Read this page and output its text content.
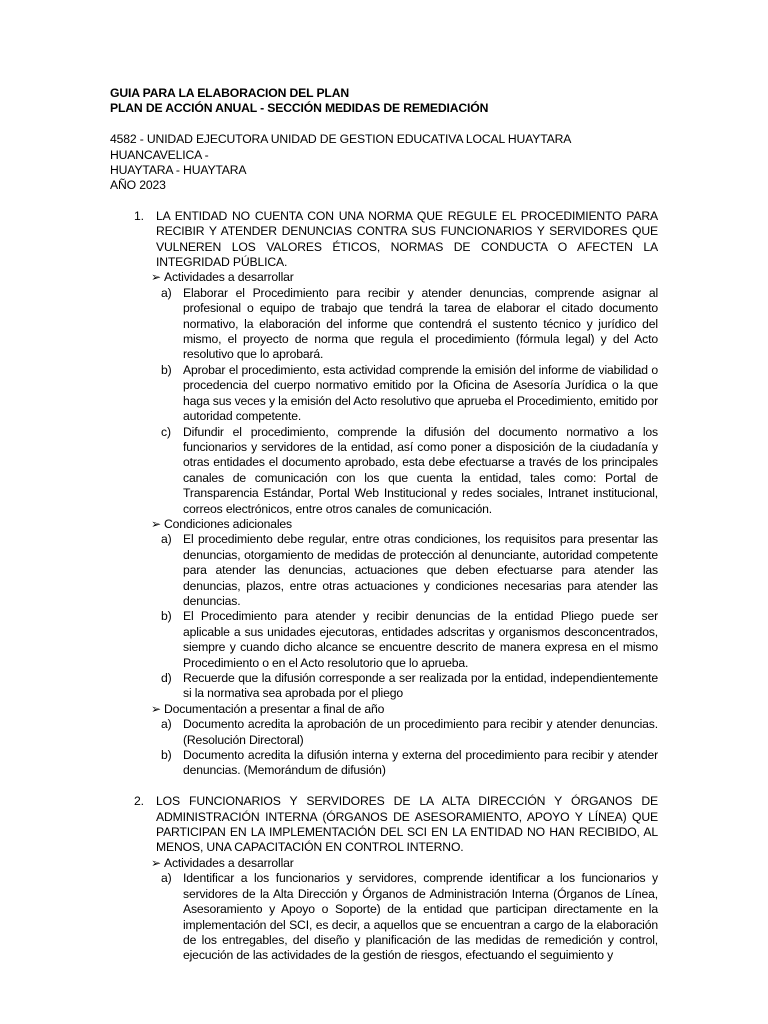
GUIA PARA LA ELABORACION DEL PLAN
PLAN DE ACCIÓN ANUAL - SECCIÓN MEDIDAS DE REMEDIACIÓN
4582 - UNIDAD EJECUTORA UNIDAD DE GESTION EDUCATIVA LOCAL HUAYTARA HUANCAVELICA -
HUAYTARA - HUAYTARA
AÑO 2023
1. LA ENTIDAD NO CUENTA CON UNA NORMA QUE REGULE EL PROCEDIMIENTO PARA RECIBIR Y ATENDER DENUNCIAS CONTRA SUS FUNCIONARIOS Y SERVIDORES QUE VULNEREN LOS VALORES ÉTICOS, NORMAS DE CONDUCTA O AFECTEN LA INTEGRIDAD PÚBLICA.
➢ Actividades a desarrollar
a) Elaborar el Procedimiento para recibir y atender denuncias, comprende asignar al profesional o equipo de trabajo que tendrá la tarea de elaborar el citado documento normativo, la elaboración del informe que contendrá el sustento técnico y jurídico del mismo, el proyecto de norma que regula el procedimiento (fórmula legal) y del Acto resolutivo que lo aprobará.
b) Aprobar el procedimiento, esta actividad comprende la emisión del informe de viabilidad o procedencia del cuerpo normativo emitido por la Oficina de Asesoría Jurídica o la que haga sus veces y la emisión del Acto resolutivo que aprueba el Procedimiento, emitido por autoridad competente.
c) Difundir el procedimiento, comprende la difusión del documento normativo a los funcionarios y servidores de la entidad, así como poner a disposición de la ciudadanía y otras entidades el documento aprobado, esta debe efectuarse a través de los principales canales de comunicación con los que cuenta la entidad, tales como: Portal de Transparencia Estándar, Portal Web Institucional y redes sociales, Intranet institucional, correos electrónicos, entre otros canales de comunicación.
➢ Condiciones adicionales
a) El procedimiento debe regular, entre otras condiciones, los requisitos para presentar las denuncias, otorgamiento de medidas de protección al denunciante, autoridad competente para atender las denuncias, actuaciones que deben efectuarse para atender las denuncias, plazos, entre otras actuaciones y condiciones necesarias para atender las denuncias.
b) El Procedimiento para atender y recibir denuncias de la entidad Pliego puede ser aplicable a sus unidades ejecutoras, entidades adscritas y organismos desconcentrados, siempre y cuando dicho alcance se encuentre descrito de manera expresa en el mismo Procedimiento o en el Acto resolutorio que lo aprueba.
d) Recuerde que la difusión corresponde a ser realizada por la entidad, independientemente si la normativa sea aprobada por el pliego
➢ Documentación a presentar a final de año
a) Documento acredita la aprobación de un procedimiento para recibir y atender denuncias. (Resolución Directoral)
b) Documento acredita la difusión interna y externa del procedimiento para recibir y atender denuncias. (Memorándum de difusión)
2. LOS FUNCIONARIOS Y SERVIDORES DE LA ALTA DIRECCIÓN Y ÓRGANOS DE ADMINISTRACIÓN INTERNA (ÓRGANOS DE ASESORAMIENTO, APOYO Y LÍNEA) QUE PARTICIPAN EN LA IMPLEMENTACIÓN DEL SCI EN LA ENTIDAD NO HAN RECIBIDO, AL MENOS, UNA CAPACITACIÓN EN CONTROL INTERNO.
➢ Actividades a desarrollar
a) Identificar a los funcionarios y servidores, comprende identificar a los funcionarios y servidores de la Alta Dirección y Órganos de Administración Interna (Órganos de Línea, Asesoramiento y Apoyo o Soporte) de la entidad que participan directamente en la implementación del SCI, es decir, a aquellos que se encuentran a cargo de la elaboración de los entregables, del diseño y planificación de las medidas de remedición y control, ejecución de las actividades de la gestión de riesgos, efectuando el seguimiento y
